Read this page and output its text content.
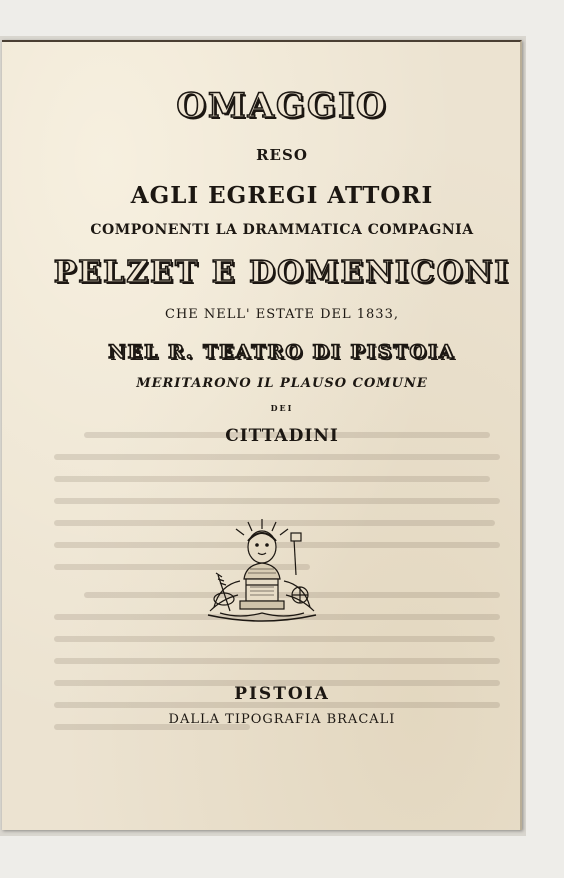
OMAGGIO
RESO
AGLI EGREGI ATTORI
COMPONENTI LA DRAMMATICA COMPAGNIA
PELZET E DOMENICONI
CHE NELL' ESTATE DEL 1833,
NEL R. TEATRO DI PISTOIA
MERITARONO IL PLAUSO COMUNE
DEI
CITTADINI
PISTOIA
DALLA TIPOGRAFIA BRACALI
